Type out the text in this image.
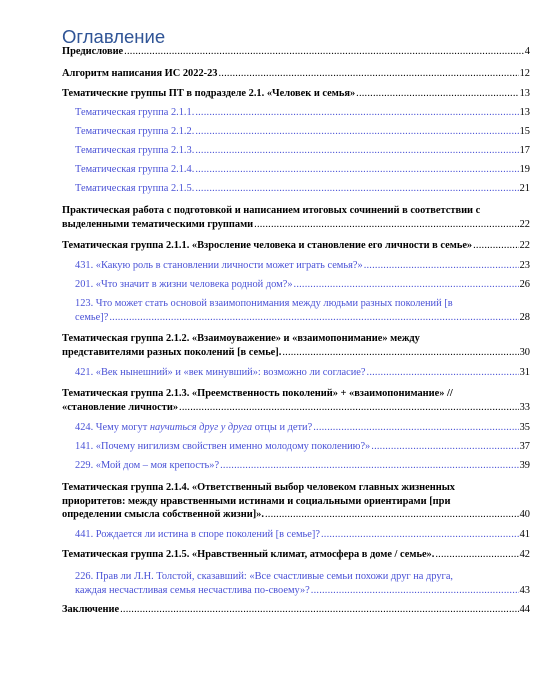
Оглавление
Предисловие .....	4
Алгоритм написания ИС 2022-23 .....	12
Тематические группы ПТ в подразделе 2.1. «Человек и семья» .....	13
Тематическая группа 2.1.1. .....	13
Тематическая группа 2.1.2. .....	15
Тематическая группа 2.1.3. .....	17
Тематическая группа 2.1.4. .....	19
Тематическая группа 2.1.5. .....	21
Практическая работа с подготовкой и написанием итоговых сочинений в соответствии с
выделенными тематическими группами .....	22
Тематическая группа 2.1.1. «Взросление человека и становление его личности в семье» .....	22
431. «Какую роль в становлении личности может играть семья?» .....	23
201. «Что значит в жизни человека родной дом?» .....	26
123. Что может стать основой взаимопонимания между людьми разных поколений [в
семье]? .....	28
Тематическая группа 2.1.2. «Взаимоуважение» и «взаимопонимание» между
представителями разных поколений [в семье]. .....	30
421. «Век нынешний» и «век минувший»: возможно ли согласие? .....	31
Тематическая группа 2.1.3. «Преемственность поколений» + «взаимопонимание» //
«становление личности» .....	33
424. Чему могут научиться друг у друга отцы и дети? .....	35
141. «Почему нигилизм свойствен именно молодому поколению?» .....	37
229. «Мой дом – моя крепость»? .....	39
Тематическая группа 2.1.4. «Ответственный выбор человеком главных жизненных
приоритетов: между нравственными истинами и социальными ориентирами [при
определении смысла собственной жизни]». .....	40
441. Рождается ли истина в споре поколений [в семье]? .....	41
Тематическая группа 2.1.5. «Нравственный климат, атмосфера в доме / семье». .....	42
226. Прав ли Л.Н. Толстой, сказавший: «Все счастливые семьи похожи друг на друга,
каждая несчастливая семья несчастлива по-своему»? .....	43
Заключение .....	44
